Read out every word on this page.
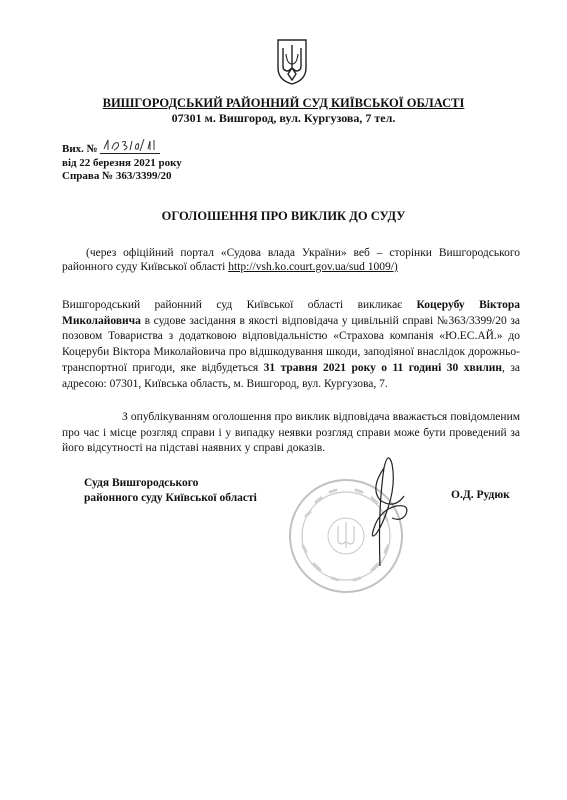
ВИШГОРОДСЬКИЙ РАЙОННИЙ СУД КИЇВСЬКОЇ ОБЛАСТІ
07301 м. Вишгород, вул. Кургузова, 7 тел.
Вих. №
від 22 березня 2021 року
Справа № 363/3399/20
ОГОЛОШЕННЯ ПРО ВИКЛИК ДО СУДУ
(через офіційний портал «Судова влада України» веб – сторінки Вишгородського районного суду Київської області http://vsh.ko.court.gov.ua/sud 1009/)
Вишгородський районний суд Київської області викликає Коцерубу Віктора Миколайовича в судове засідання в якості відповідача у цивільній справі №363/3399/20 за позовом Товариства з додатковою відповідальністю «Страхова компанія «Ю.ЕС.АЙ.» до Коцеруби Віктора Миколайовича про відшкодування шкоди, заподіяної внаслідок дорожньо-транспортної пригоди, яке відбудеться 31 травня 2021 року о 11 годині 30 хвилин, за адресою: 07301, Київська область, м. Вишгород, вул. Кургузова, 7.
З опублікуванням оголошення про виклик відповідача вважається повідомленим про час і місце розгляд справи і у випадку неявки розгляд справи може бути проведений за його відсутності на підставі наявних у справі доказів.
Судя Вишгородського
районного суду Київської області	О.Д. Рудюк
